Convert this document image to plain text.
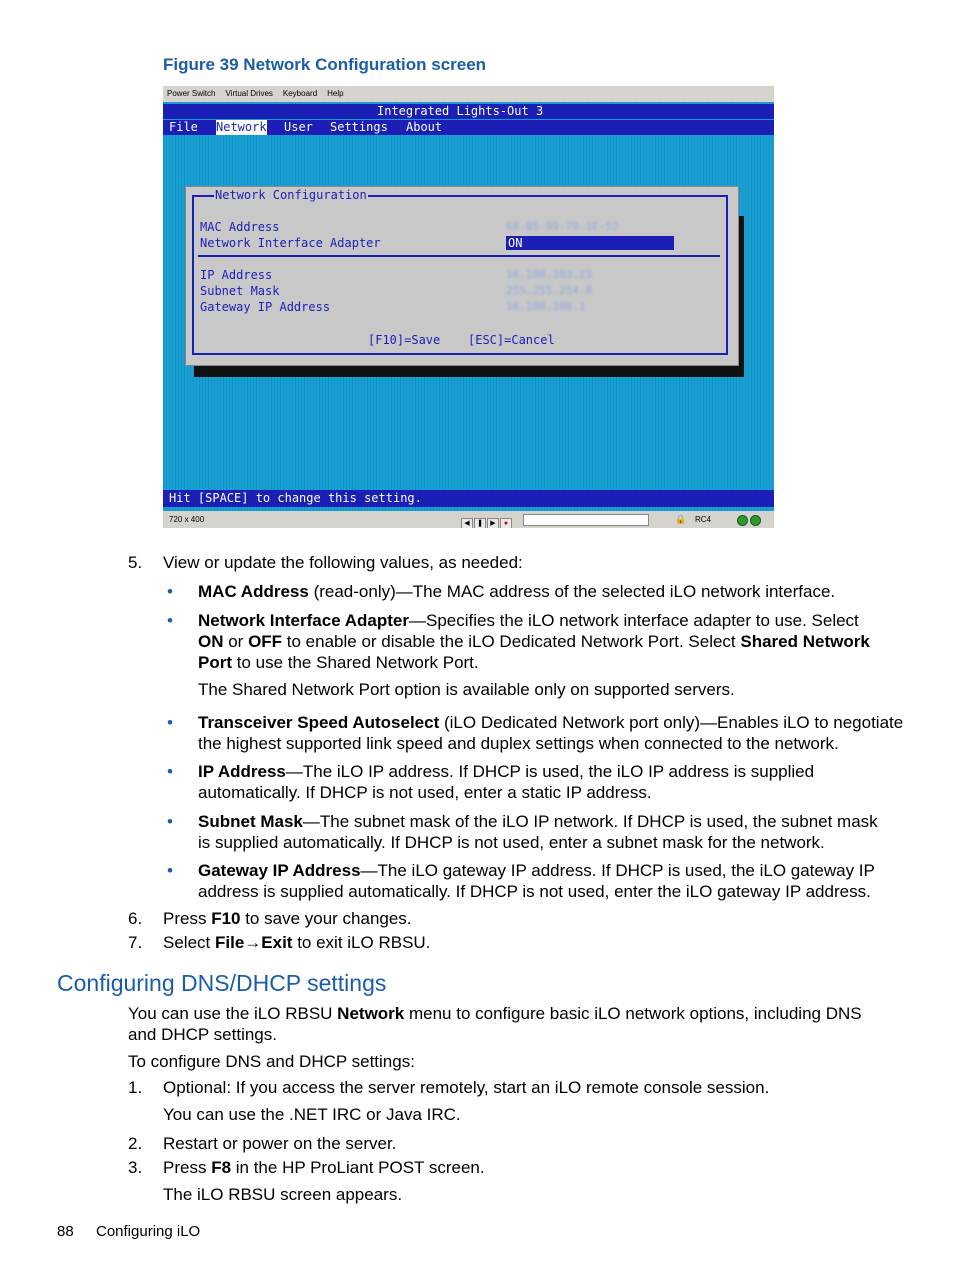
Figure 39 Network Configuration screen
Power Switch Virtual Drives Keyboard Help
Integrated Lights-Out 3
File Network User Settings About
Network Configuration
MAC Address	68-B5-99-70-1E-52
Network Interface Adapter	ON
IP Address	16.100.103.23
Subnet Mask	255.255.254.0
Gateway IP Address	16.100.100.1
[F10]=Save [ESC]=Cancel
Hit [SPACE] to change this setting.
720 x 400	◀ ❚ ▶ ●	🔒 RC4
5. View or update the following values, as needed:
• MAC Address (read-only)—The MAC address of the selected iLO network interface.
• Network Interface Adapter—Specifies the iLO network interface adapter to use. Select
ON or OFF to enable or disable the iLO Dedicated Network Port. Select Shared Network
Port to use the Shared Network Port.
The Shared Network Port option is available only on supported servers.
• Transceiver Speed Autoselect (iLO Dedicated Network port only)—Enables iLO to negotiate
the highest supported link speed and duplex settings when connected to the network.
• IP Address—The iLO IP address. If DHCP is used, the iLO IP address is supplied
automatically. If DHCP is not used, enter a static IP address.
• Subnet Mask—The subnet mask of the iLO IP network. If DHCP is used, the subnet mask
is supplied automatically. If DHCP is not used, enter a subnet mask for the network.
• Gateway IP Address—The iLO gateway IP address. If DHCP is used, the iLO gateway IP
address is supplied automatically. If DHCP is not used, enter the iLO gateway IP address.
6. Press F10 to save your changes.
7. Select File→Exit to exit iLO RBSU.
Configuring DNS/DHCP settings
You can use the iLO RBSU Network menu to configure basic iLO network options, including DNS
and DHCP settings.
To configure DNS and DHCP settings:
1. Optional: If you access the server remotely, start an iLO remote console session.
You can use the .NET IRC or Java IRC.
2. Restart or power on the server.
3. Press F8 in the HP ProLiant POST screen.
The iLO RBSU screen appears.
88 Configuring iLO
